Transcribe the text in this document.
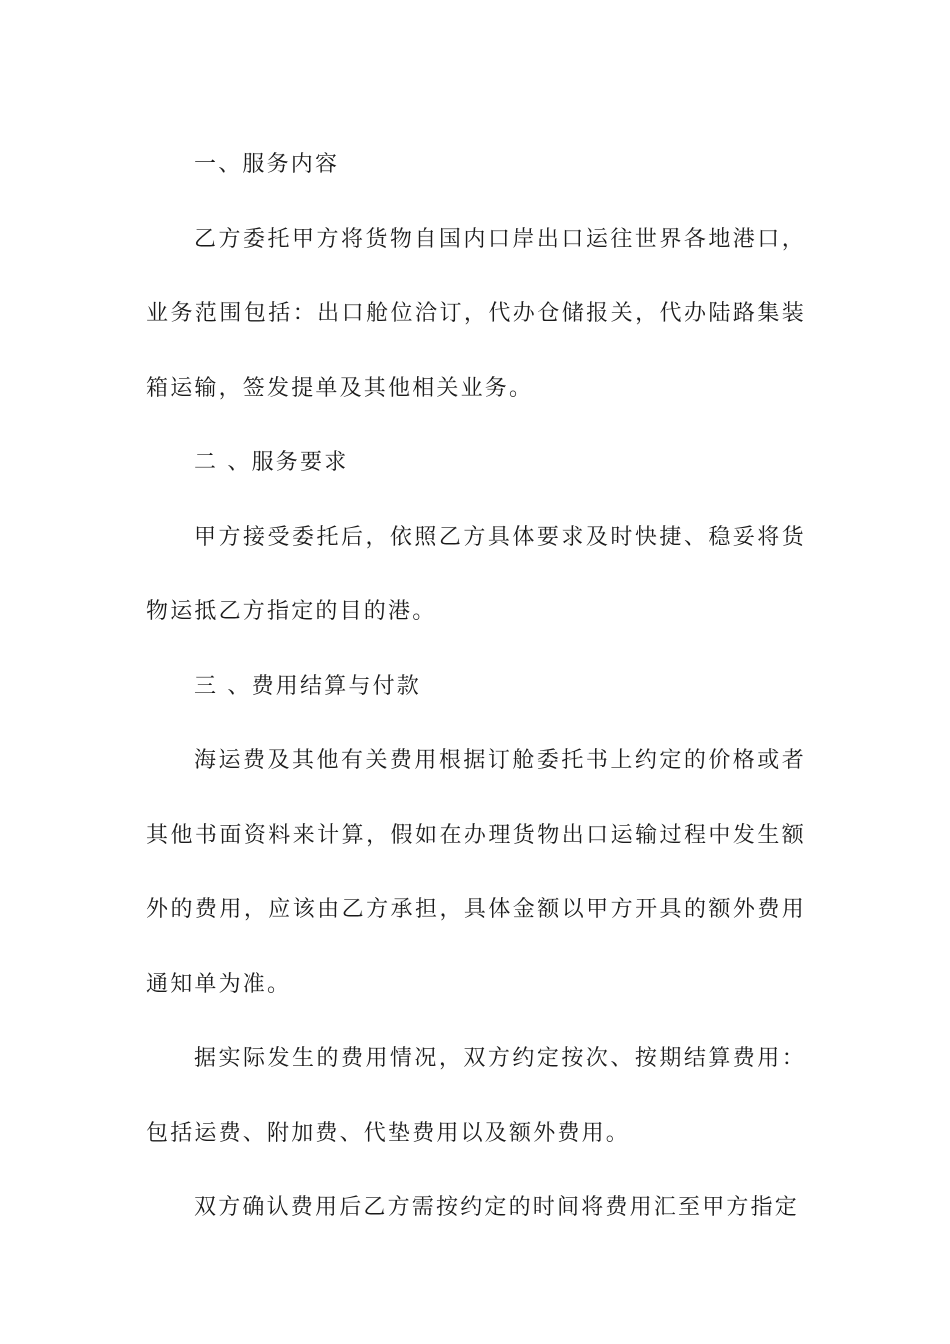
一、服务内容

乙方委托甲方将货物自国内口岸出口运往世界各地港口，业务范围包括：出口舱位洽订，代办仓储报关，代办陆路集装箱运输，签发提单及其他相关业务。

二 、服务要求

甲方接受委托后，依照乙方具体要求及时快捷、稳妥将货物运抵乙方指定的目的港。

三 、费用结算与付款

海运费及其他有关费用根据订舱委托书上约定的价格或者其他书面资料来计算，假如在办理货物出口运输过程中发生额外的费用，应该由乙方承担，具体金额以甲方开具的额外费用通知单为准。

据实际发生的费用情况，双方约定按次、按期结算费用：包括运费、附加费、代垫费用以及额外费用。

双方确认费用后乙方需按约定的时间将费用汇至甲方指定
